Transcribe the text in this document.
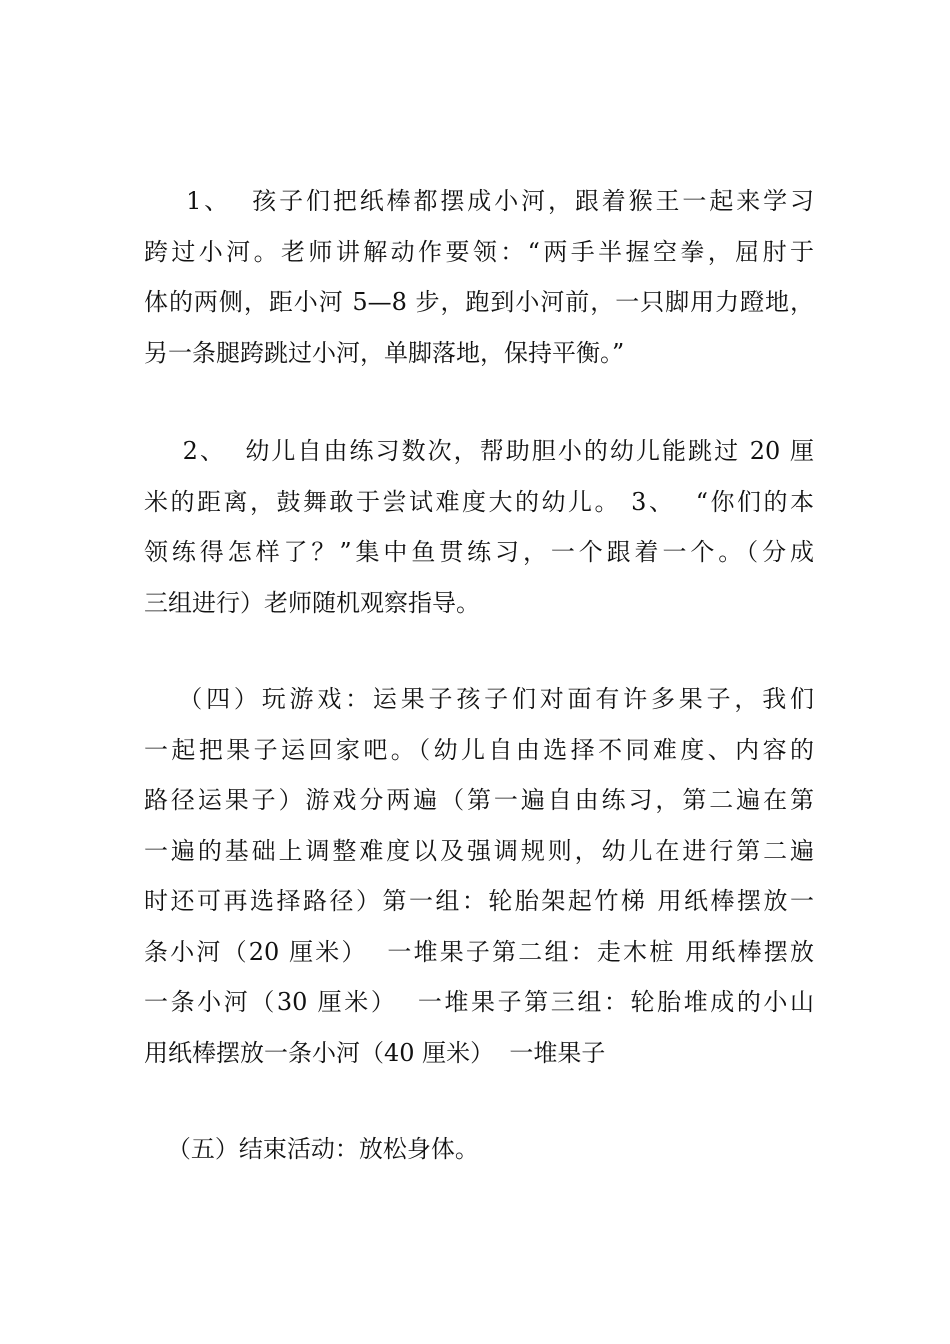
1、  孩子们把纸棒都摆成小河，跟着猴王一起来学习
跨过小河。老师讲解动作要领：“两手半握空拳，屈肘于
体的两侧，距小河 5—8 步，跑到小河前，一只脚用力蹬地，
另一条腿跨跳过小河，单脚落地，保持平衡。”
2、  幼儿自由练习数次，帮助胆小的幼儿能跳过 20 厘
米的距离，鼓舞敢于尝试难度大的幼儿。 3、  “你们的本
领练得怎样了？”集中鱼贯练习，一个跟着一个。（分成
三组进行）老师随机观察指导。
（四）玩游戏：运果子孩子们对面有许多果子，我们
一起把果子运回家吧。（幼儿自由选择不同难度、内容的
路径运果子）游戏分两遍（第一遍自由练习，第二遍在第
一遍的基础上调整难度以及强调规则，幼儿在进行第二遍
时还可再选择路径）第一组：轮胎架起竹梯 用纸棒摆放一
条小河（20 厘米）  一堆果子第二组：走木桩 用纸棒摆放
一条小河（30 厘米）  一堆果子第三组：轮胎堆成的小山
用纸棒摆放一条小河（40 厘米）  一堆果子
（五）结束活动：放松身体。
